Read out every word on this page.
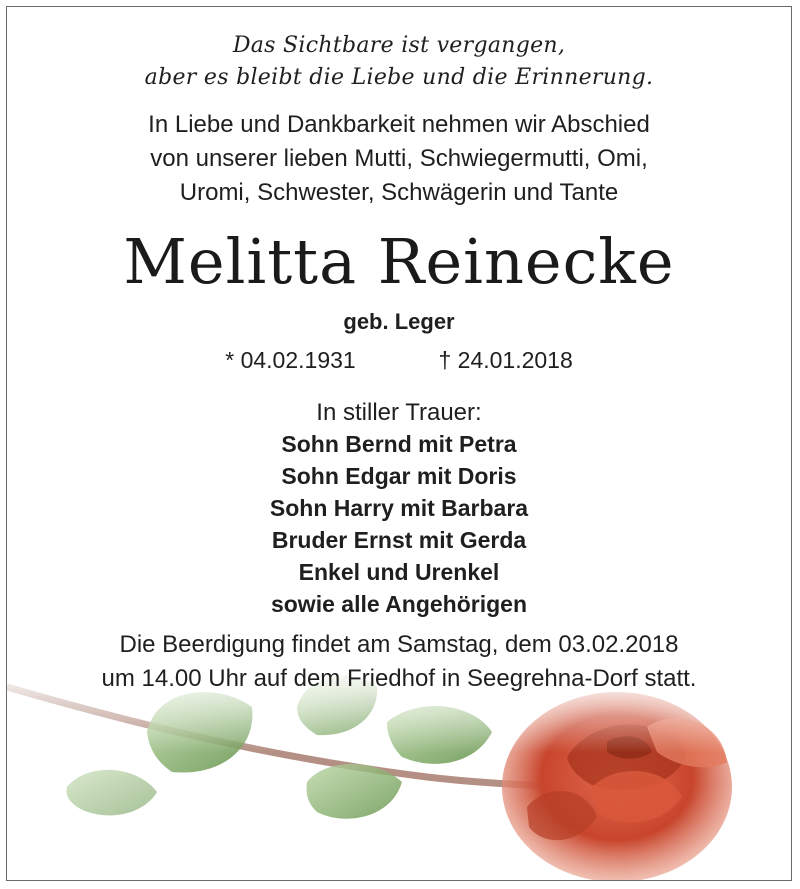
Das Sichtbare ist vergangen,
aber es bleibt die Liebe und die Erinnerung.
In Liebe und Dankbarkeit nehmen wir Abschied
von unserer lieben Mutti, Schwiegermutti, Omi,
Uromi, Schwester, Schwägerin und Tante
Melitta Reinecke
geb. Leger
* 04.02.1931	† 24.01.2018
In stiller Trauer:
Sohn Bernd mit Petra
Sohn Edgar mit Doris
Sohn Harry mit Barbara
Bruder Ernst mit Gerda
Enkel und Urenkel
sowie alle Angehörigen
Die Beerdigung findet am Samstag, dem 03.02.2018
um 14.00 Uhr auf dem Friedhof in Seegrehna-Dorf statt.
